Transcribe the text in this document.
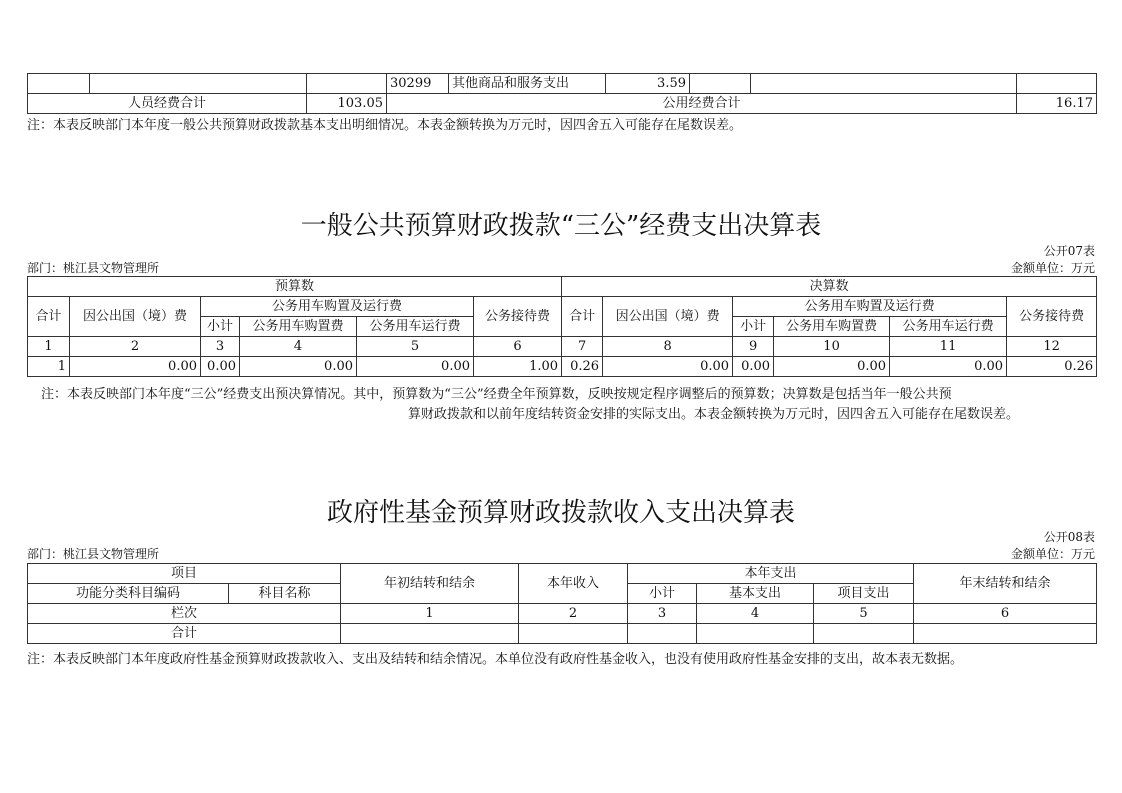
			30299	其他商品和服务支出	3.59			
人员经费合计		103.05	公用经费合计					16.17
注：本表反映部门本年度一般公共预算财政拨款基本支出明细情况。本表金额转换为万元时，因四舍五入可能存在尾数误差。
一般公共预算财政拨款“三公”经费支出决算表
公开07表
部门：桃江县文物管理所	金额单位：万元
预算数						决算数					
合计	因公出国（境）费	公务用车购置及运行费			公务接待费	合计	因公出国（境）费	公务用车购置及运行费			公务接待费
		小计	公务用车购置费	公务用车运行费				小计	公务用车购置费	公务用车运行费	
1	2	3	4	5	6	7	8	9	10	11	12
1	0.00	0.00	0.00	0.00	1.00	0.26	0.00	0.00	0.00	0.00	0.26
注：本表反映部门本年度“三公”经费支出预决算情况。其中，预算数为“三公”经费全年预算数，反映按规定程序调整后的预算数；决算数是包括当年一般公共预
算财政拨款和以前年度结转资金安排的实际支出。本表金额转换为万元时，因四舍五入可能存在尾数误差。
政府性基金预算财政拨款收入支出决算表
公开08表
部门：桃江县文物管理所	金额单位：万元
项目		年初结转和结余	本年收入	本年支出			年末结转和结余
功能分类科目编码	科目名称			小计	基本支出	项目支出	
栏次		1	2	3	4	5	6
合计							
注：本表反映部门本年度政府性基金预算财政拨款收入、支出及结转和结余情况。本单位没有政府性基金收入，也没有使用政府性基金安排的支出，故本表无数据。
